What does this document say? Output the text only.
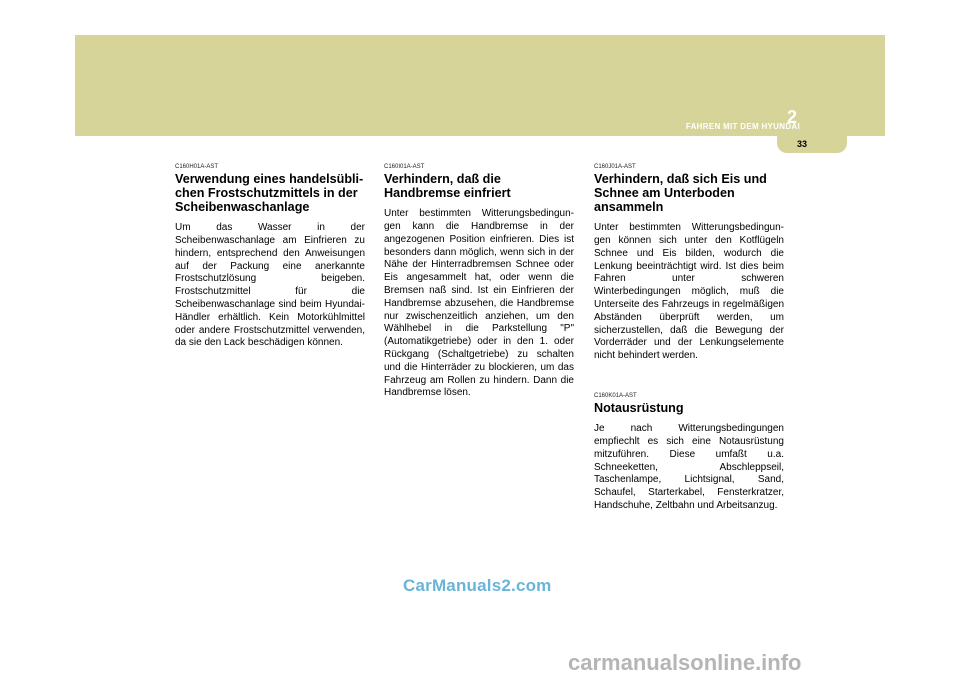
FAHREN MIT DEM HYUNDAI
2
33

C160H01A-AST

Verwendung eines handelsübli-chen Frostschutzmittels in der Scheibenwaschanlage

Um das Wasser in der Scheibenwaschanlage am Einfrieren zu hindern, entsprechend den Anweisungen auf der Packung eine anerkannte Frostschutzlösung beigeben. Frostschutzmittel für die Scheibenwaschanlage sind beim Hyundai-Händler erhältlich. Kein Motorkühlmittel oder andere Frostschutzmittel verwenden, da sie den Lack beschädigen können.

C160I01A-AST

Verhindern, daß die Handbremse einfriert

Unter bestimmten Witterungsbedingun-gen kann die Handbremse in der angezogenen Position einfrieren. Dies ist besonders dann möglich, wenn sich in der Nähe der Hinterradbremsen Schnee oder Eis angesammelt hat, oder wenn die Bremsen naß sind. Ist ein Einfrieren der Handbremse abzusehen, die Handbremse nur zwischenzeitlich anziehen, um den Wählhebel in die Parkstellung "P" (Automatikgetriebe) oder in den 1. oder Rückgang (Schaltgetriebe) zu schalten und die Hinterräder zu blockieren, um das Fahrzeug am Rollen zu hindern. Dann die Handbremse lösen.

C160J01A-AST

Verhindern, daß sich Eis und Schnee am Unterboden ansammeln

Unter bestimmten Witterungsbedingun-gen können sich unter den Kotflügeln Schnee und Eis bilden, wodurch die Lenkung beeinträchtigt wird. Ist dies beim Fahren unter schweren Winterbedingungen möglich, muß die Unterseite des Fahrzeugs in regelmäßigen Abständen überprüft werden, um sicherzustellen, daß die Bewegung der Vorderräder und der Lenkungselemente nicht behindert werden.

C160K01A-AST

Notausrüstung

Je nach Witterungsbedingungen empfiechlt es sich eine Notausrüstung mitzuführen. Diese umfaßt u.a. Schneeketten, Abschleppseil, Taschenlampe, Lichtsignal, Sand, Schaufel, Starterkabel, Fensterkratzer, Handschuhe, Zeltbahn und Arbeitsanzug.

CarManuals2.com
carmanualsonline.info
